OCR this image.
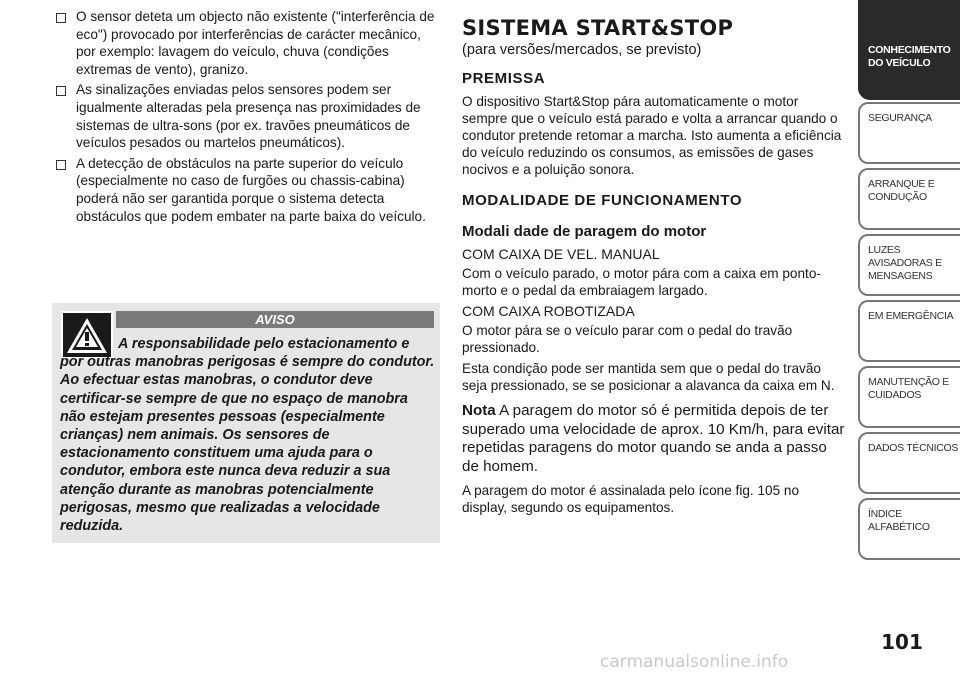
O sensor deteta um objecto não existente ("interferência de eco") provocado por interferências de carácter mecânico, por exemplo: lavagem do veículo, chuva (condições extremas de vento), granizo.
As sinalizações enviadas pelos sensores podem ser igualmente alteradas pela presença nas proximidades de sistemas de ultra-sons (por ex. travões pneumáticos de veículos pesados ou martelos pneumáticos).
A detecção de obstáculos na parte superior do veículo (especialmente no caso de furgões ou chassis-cabina) poderá não ser garantida porque o sistema detecta obstáculos que podem embater na parte baixa do veículo.
AVISO
A responsabilidade pelo estacionamento e por outras manobras perigosas é sempre do condutor. Ao efectuar estas manobras, o condutor deve certificar-se sempre de que no espaço de manobra não estejam presentes pessoas (especialmente crianças) nem animais. Os sensores de estacionamento constituem uma ajuda para o condutor, embora este nunca deva reduzir a sua atenção durante as manobras potencialmente perigosas, mesmo que realizadas a velocidade reduzida.
SISTEMA START&STOP
(para versões/mercados, se previsto)
PREMISSA
O dispositivo Start&Stop pára automaticamente o motor sempre que o veículo está parado e volta a arrancar quando o condutor pretende retomar a marcha. Isto aumenta a eficiência do veículo reduzindo os consumos, as emissões de gases nocivos e a poluição sonora.
MODALIDADE DE FUNCIONAMENTO
Modali dade de paragem do motor
COM CAIXA DE VEL. MANUAL
Com o veículo parado, o motor pára com a caixa em ponto-morto e o pedal da embraiagem largado.
COM CAIXA ROBOTIZADA
O motor pára se o veículo parar com o pedal do travão pressionado.
Esta condição pode ser mantida sem que o pedal do travão seja pressionado, se se posicionar a alavanca da caixa em N.
Nota A paragem do motor só é permitida depois de ter superado uma velocidade de aprox. 10 Km/h, para evitar repetidas paragens do motor quando se anda a passo de homem.
A paragem do motor é assinalada pelo ícone fig. 105 no display, segundo os equipamentos.
CONHECIMENTO DO VEÍCULO
SEGURANÇA
ARRANQUE E CONDUÇÃO
LUZES AVISADORAS E MENSAGENS
EM EMERGÊNCIA
MANUTENÇÃO E CUIDADOS
DADOS TÉCNICOS
ÍNDICE ALFABÉTICO
101
carmanualsonline.info
